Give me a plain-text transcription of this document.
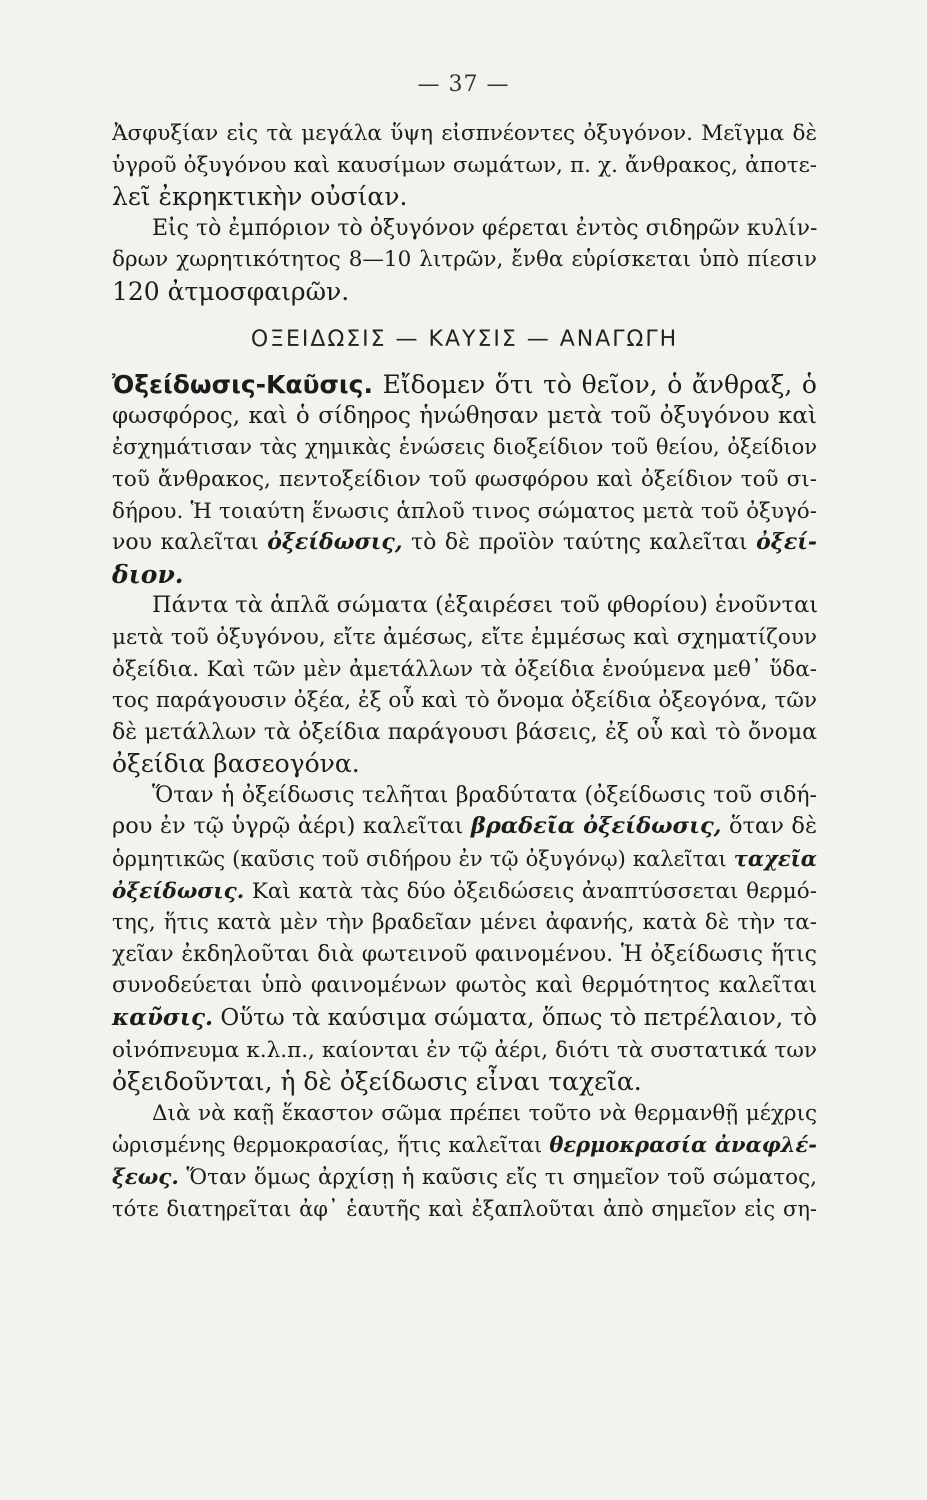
— 37 —
Ἀσφυξίαν εἰς τὰ μεγάλα ὕψη εἰσπνέοντες ὀξυγόνον. Μεῖγμα δὲ
ὑγροῦ ὀξυγόνου καὶ καυσίμων σωμάτων, π. χ. ἄνθρακος, ἀποτε-
λεῖ ἐκρηκτικὴν οὐσίαν.
Εἰς τὸ ἐμπόριον τὸ ὀξυγόνον φέρεται ἐντὸς σιδηρῶν κυλίν-
δρων χωρητικότητος 8—10 λιτρῶν, ἔνθα εὑρίσκεται ὑπὸ πίεσιν
120 ἀτμοσφαιρῶν.
ΟΞΕΙΔΩΣΙΣ — ΚΑΥΣΙΣ — ΑΝΑΓΩΓΗ
Ὀξείδωσις-Καῦσις. Εἴδομεν ὅτι τὸ θεῖον, ὁ ἄνθραξ, ὁ
φωσφόρος, καὶ ὁ σίδηρος ἡνώθησαν μετὰ τοῦ ὀξυγόνου καὶ
ἐσχημάτισαν τὰς χημικὰς ἑνώσεις διοξείδιον τοῦ θείου, ὀξείδιον
τοῦ ἄνθρακος, πεντοξείδιον τοῦ φωσφόρου καὶ ὀξείδιον τοῦ σι-
δήρου. Ἡ τοιαύτη ἕνωσις ἁπλοῦ τινος σώματος μετὰ τοῦ ὀξυγό-
νου καλεῖται ὀξείδωσις, τὸ δὲ προϊὸν ταύτης καλεῖται ὀξεί-
διον.
Πάντα τὰ ἁπλᾶ σώματα (ἐξαιρέσει τοῦ φθορίου) ἑνοῦνται
μετὰ τοῦ ὀξυγόνου, εἴτε ἀμέσως, εἴτε ἐμμέσως καὶ σχηματίζουν
ὀξείδια. Καὶ τῶν μὲν ἀμετάλλων τὰ ὀξείδια ἑνούμενα μεθ᾽ ὕδα-
τος παράγουσιν ὀξέα, ἐξ οὗ καὶ τὸ ὄνομα ὀξείδια ὀξεογόνα, τῶν
δὲ μετάλλων τὰ ὀξείδια παράγουσι βάσεις, ἐξ οὗ καὶ τὸ ὄνομα
ὀξείδια βασεογόνα.
Ὅταν ἡ ὀξείδωσις τελῆται βραδύτατα (ὀξείδωσις τοῦ σιδή-
ρου ἐν τῷ ὑγρῷ ἀέρι) καλεῖται βραδεῖα ὀξείδωσις, ὅταν δὲ
ὁρμητικῶς (καῦσις τοῦ σιδήρου ἐν τῷ ὀξυγόνῳ) καλεῖται ταχεῖα
ὀξείδωσις. Καὶ κατὰ τὰς δύο ὀξειδώσεις ἀναπτύσσεται θερμό-
της, ἥτις κατὰ μὲν τὴν βραδεῖαν μένει ἀφανής, κατὰ δὲ τὴν τα-
χεῖαν ἐκδηλοῦται διὰ φωτεινοῦ φαινομένου. Ἡ ὀξείδωσις ἥτις
συνοδεύεται ὑπὸ φαινομένων φωτὸς καὶ θερμότητος καλεῖται
καῦσις. Οὕτω τὰ καύσιμα σώματα, ὅπως τὸ πετρέλαιον, τὸ
οἰνόπνευμα κ.λ.π., καίονται ἐν τῷ ἀέρι, διότι τὰ συστατικά των
ὀξειδοῦνται, ἡ δὲ ὀξείδωσις εἶναι ταχεῖα.
Διὰ νὰ καῇ ἕκαστον σῶμα πρέπει τοῦτο νὰ θερμανθῇ μέχρις
ὡρισμένης θερμοκρασίας, ἥτις καλεῖται θερμοκρασία ἀναφλέ-
ξεως. Ὅταν ὅμως ἀρχίσῃ ἡ καῦσις εἴς τι σημεῖον τοῦ σώματος,
τότε διατηρεῖται ἀφ᾽ ἑαυτῆς καὶ ἐξαπλοῦται ἀπὸ σημεῖον εἰς ση-
